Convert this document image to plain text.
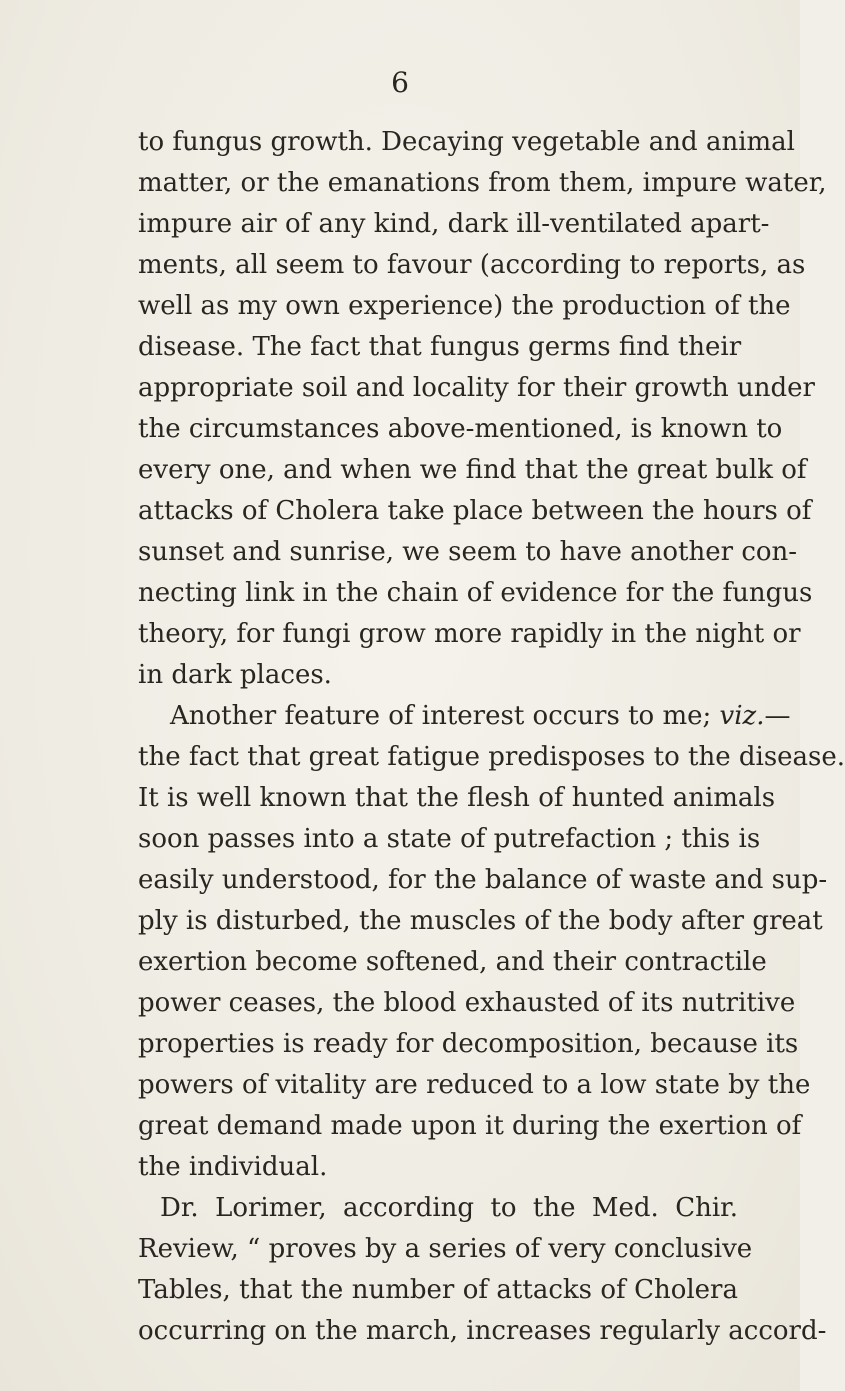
6
to fungus growth. Decaying vegetable and animal
matter, or the emanations from them, impure water,
impure air of any kind, dark ill-ventilated apart-
ments, all seem to favour (according to reports, as
well as my own experience) the production of the
disease. The fact that fungus germs find their
appropriate soil and locality for their growth under
the circumstances above-mentioned, is known to
every one, and when we find that the great bulk of
attacks of Cholera take place between the hours of
sunset and sunrise, we seem to have another con-
necting link in the chain of evidence for the fungus
theory, for fungi grow more rapidly in the night or
in dark places.
Another feature of interest occurs to me; viz.—
the fact that great fatigue predisposes to the disease.
It is well known that the flesh of hunted animals
soon passes into a state of putrefaction ; this is
easily understood, for the balance of waste and sup-
ply is disturbed, the muscles of the body after great
exertion become softened, and their contractile
power ceases, the blood exhausted of its nutritive
properties is ready for decomposition, because its
powers of vitality are reduced to a low state by the
great demand made upon it during the exertion of
the individual.
Dr. Lorimer, according to the Med. Chir.
Review, “ proves by a series of very conclusive
Tables, that the number of attacks of Cholera
occurring on the march, increases regularly accord-
